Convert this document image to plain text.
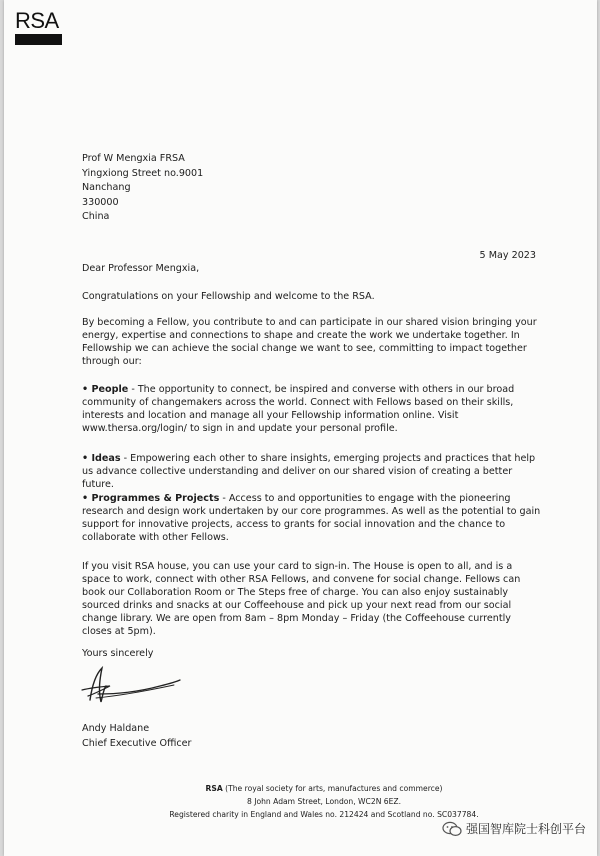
RSA
Prof W Mengxia FRSA
Yingxiong Street no.9001
Nanchang
330000
China
5 May 2023
Dear Professor Mengxia,
Congratulations on your Fellowship and welcome to the RSA.
By becoming a Fellow, you contribute to and can participate in our shared vision bringing your energy, expertise and connections to shape and create the work we undertake together. In Fellowship we can achieve the social change we want to see, committing to impact together through our:
• People - The opportunity to connect, be inspired and converse with others in our broad community of changemakers across the world. Connect with Fellows based on their skills, interests and location and manage all your Fellowship information online. Visit www.thersa.org/login/ to sign in and update your personal profile.
• Ideas - Empowering each other to share insights, emerging projects and practices that help us advance collective understanding and deliver on our shared vision of creating a better future.
• Programmes & Projects - Access to and opportunities to engage with the pioneering research and design work undertaken by our core programmes. As well as the potential to gain support for innovative projects, access to grants for social innovation and the chance to collaborate with other Fellows.
If you visit RSA house, you can use your card to sign-in. The House is open to all, and is a space to work, connect with other RSA Fellows, and convene for social change. Fellows can book our Collaboration Room or The Steps free of charge. You can also enjoy sustainably sourced drinks and snacks at our Coffeehouse and pick up your next read from our social change library. We are open from 8am – 8pm Monday – Friday (the Coffeehouse currently closes at 5pm).
Yours sincerely
Andy Haldane
Chief Executive Officer
RSA (The royal society for arts, manufactures and commerce)
8 John Adam Street, London, WC2N 6EZ.
Registered charity in England and Wales no. 212424 and Scotland no. SC037784.
强国智库院士科创平台
